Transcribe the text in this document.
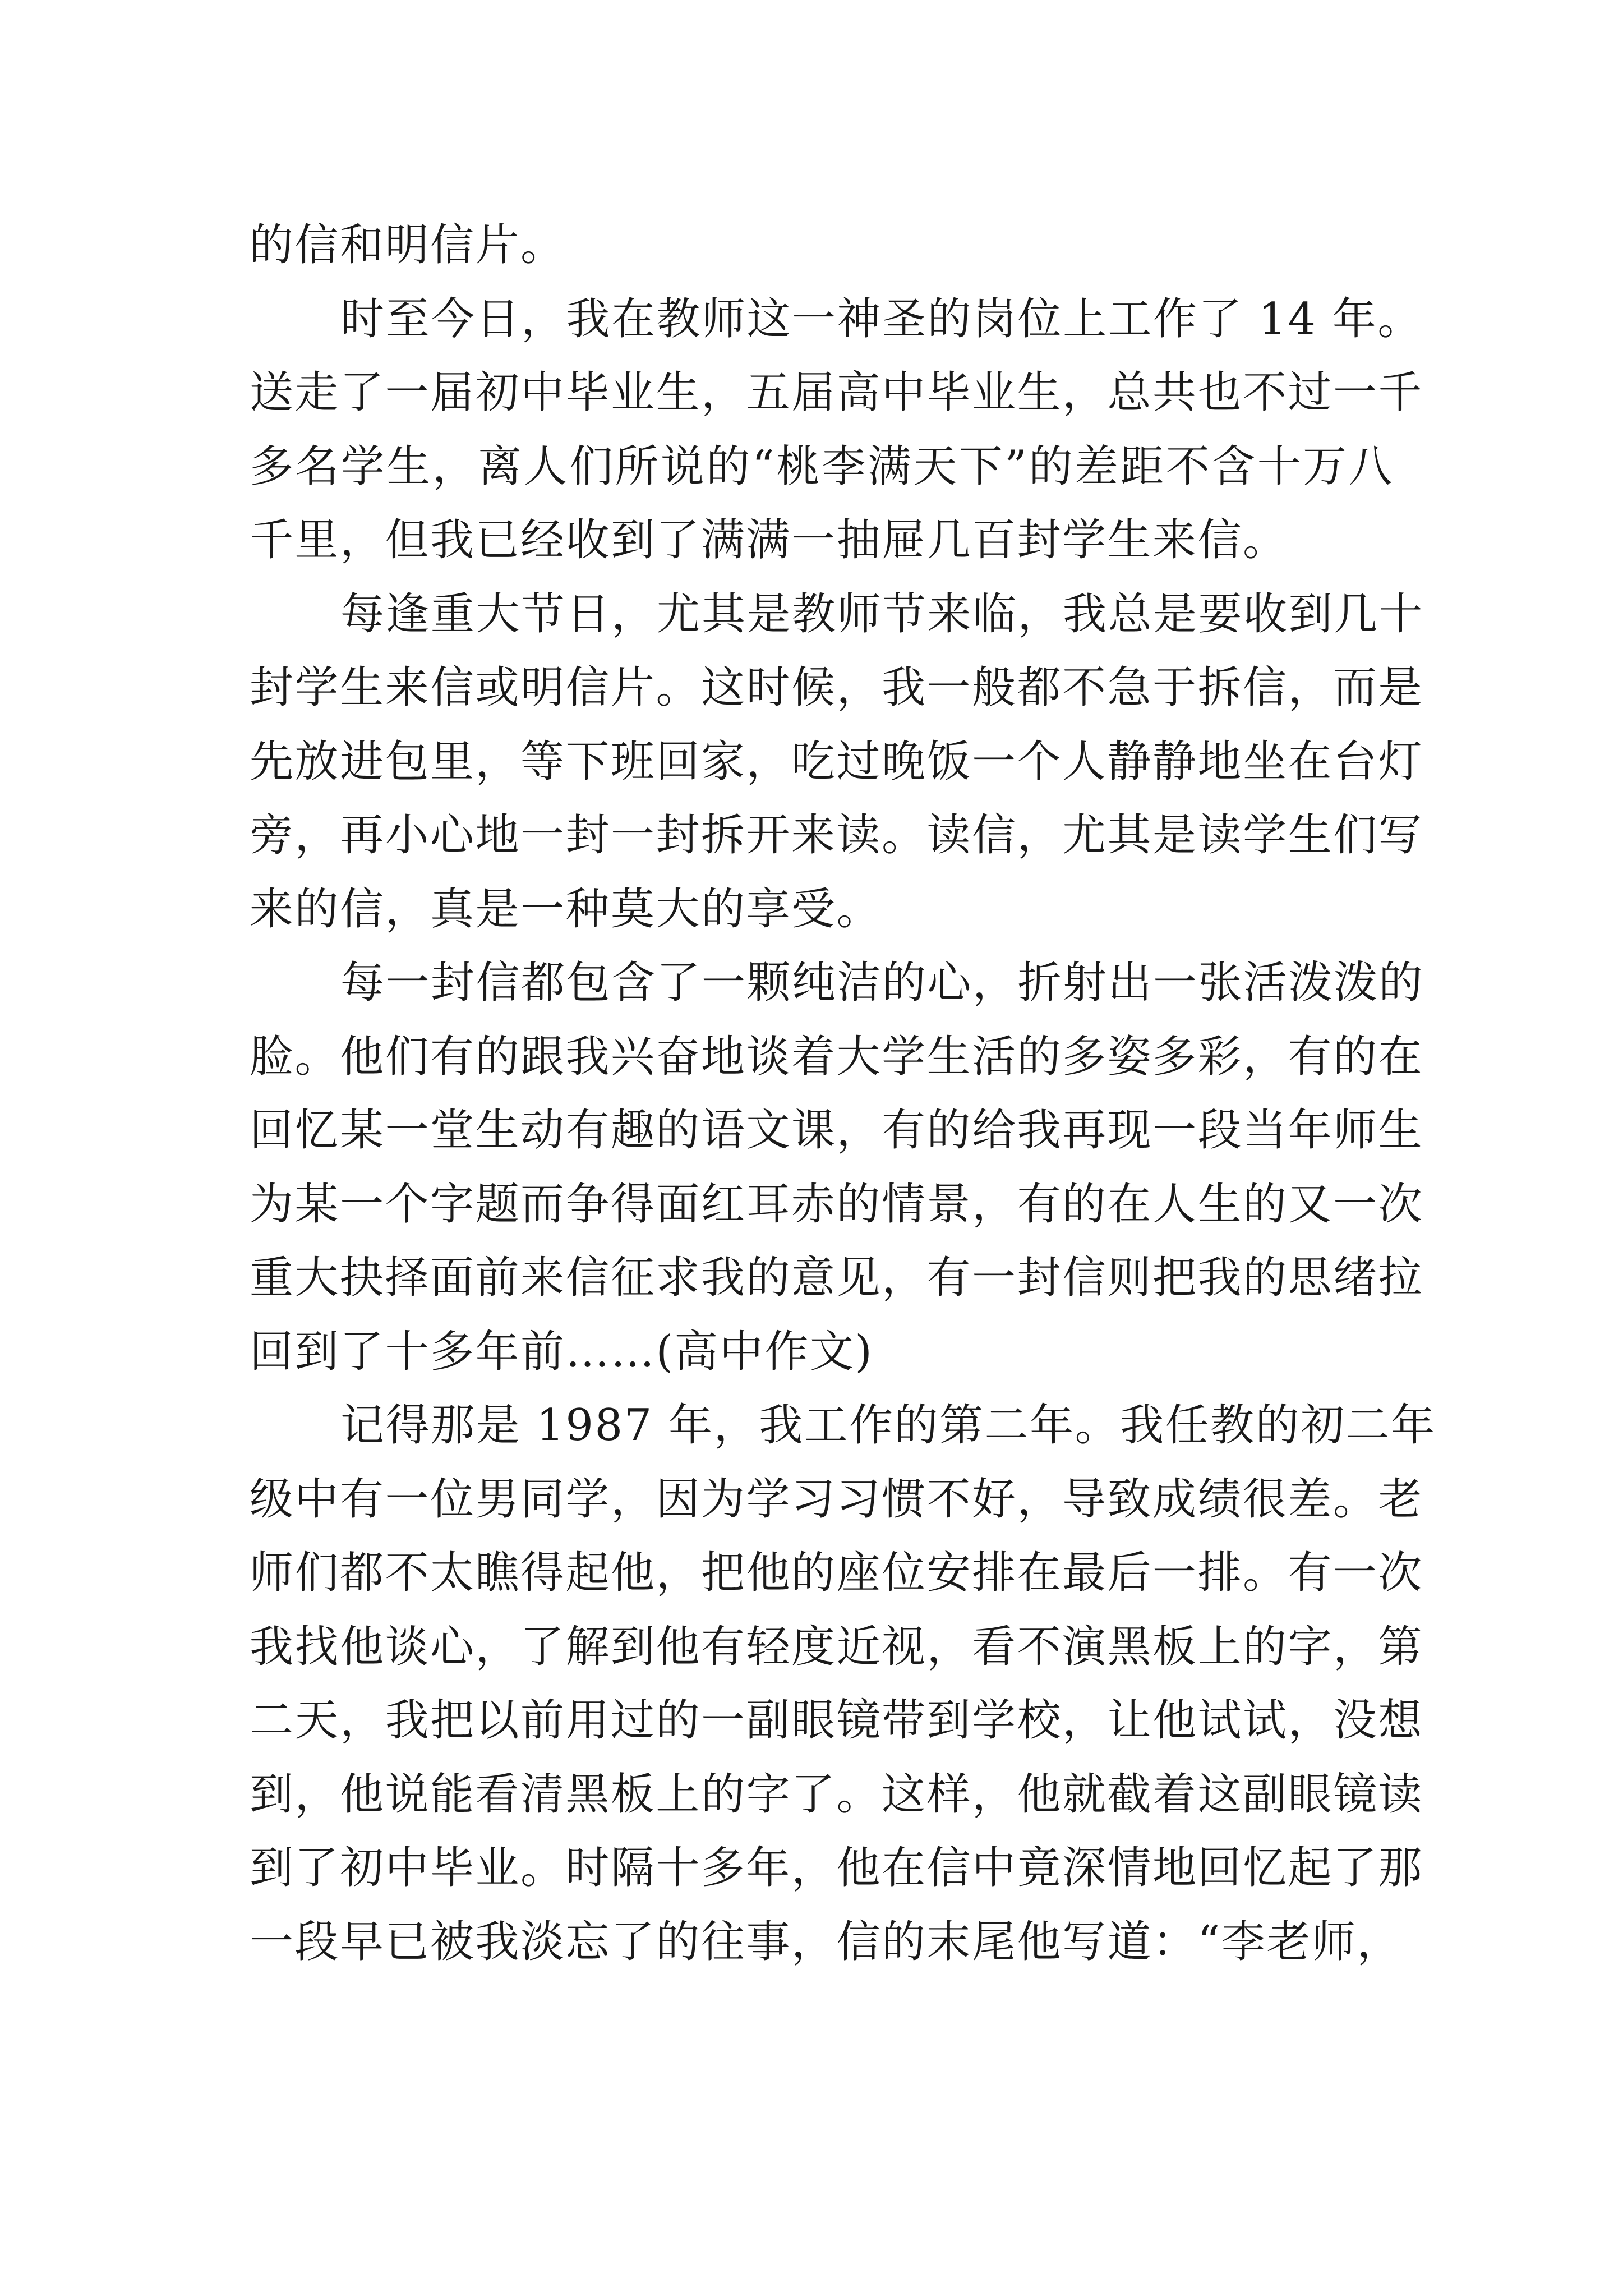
的信和明信片。
时至今日，我在教师这一神圣的岗位上工作了 14 年。
送走了一届初中毕业生，五届高中毕业生，总共也不过一千
多名学生，离人们所说的“桃李满天下”的差距不含十万八
千里，但我已经收到了满满一抽屉几百封学生来信。
每逢重大节日，尤其是教师节来临，我总是要收到几十
封学生来信或明信片。这时候，我一般都不急于拆信，而是
先放进包里，等下班回家，吃过晚饭一个人静静地坐在台灯
旁，再小心地一封一封拆开来读。读信，尤其是读学生们写
来的信，真是一种莫大的享受。
每一封信都包含了一颗纯洁的心，折射出一张活泼泼的
脸。他们有的跟我兴奋地谈着大学生活的多姿多彩，有的在
回忆某一堂生动有趣的语文课，有的给我再现一段当年师生
为某一个字题而争得面红耳赤的情景，有的在人生的又一次
重大抉择面前来信征求我的意见，有一封信则把我的思绪拉
回到了十多年前……(高中作文)
记得那是 1987 年，我工作的第二年。我任教的初二年
级中有一位男同学，因为学习习惯不好，导致成绩很差。老
师们都不太瞧得起他，把他的座位安排在最后一排。有一次
我找他谈心，了解到他有轻度近视，看不演黑板上的字，第
二天，我把以前用过的一副眼镜带到学校，让他试试，没想
到，他说能看清黑板上的字了。这样，他就截着这副眼镜读
到了初中毕业。时隔十多年，他在信中竟深情地回忆起了那
一段早已被我淡忘了的往事，信的末尾他写道：“李老师，
